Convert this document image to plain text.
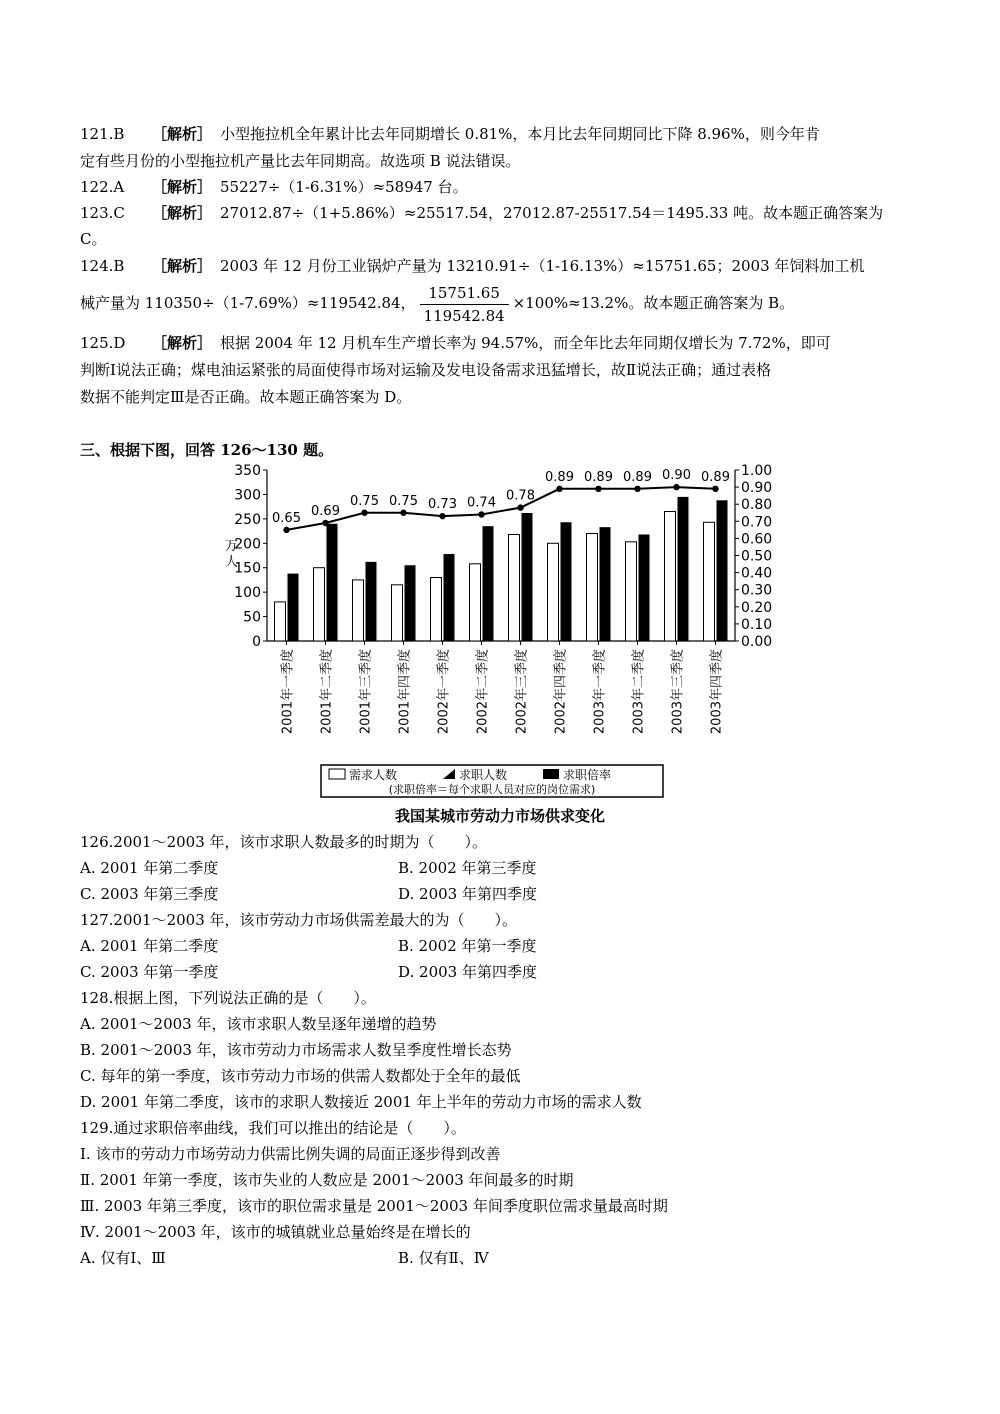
121.B ［解析］ 小型拖拉机全年累计比去年同期增长 0.81%，本月比去年同期同比下降 8.96%，则今年肯
定有些月份的小型拖拉机产量比去年同期高。故选项 B 说法错误。
122.A ［解析］ 55227÷（1-6.31%）≈58947 台。
123.C ［解析］ 27012.87÷（1+5.86%）≈25517.54，27012.87-25517.54＝1495.33 吨。故本题正确答案为
C。
124.B ［解析］ 2003 年 12 月份工业锅炉产量为 13210.91÷（1-16.13%）≈15751.65；2003 年饲料加工机
械产量为 110350÷（1-7.69%）≈119542.84， $\frac{15751.65}{119542.84} \times 100\%\approx 13.2\%$。故本题正确答案为 B。
125.D ［解析］ 根据 2004 年 12 月机车生产增长率为 94.57%，而全年比去年同期仅增长为 7.72%，即可
判断Ⅰ说法正确；煤电油运紧张的局面使得市场对运输及发电设备需求迅猛增长，故Ⅱ说法正确；通过表格
数据不能判定Ⅲ是否正确。故本题正确答案为 D。
三、根据下图，回答 126～130 题。
0
50
100
150
200
250
300
350
0.00
0.10
0.20
0.30
0.40
0.50
0.60
0.70
0.80
0.90
1.00
万
人
2001年一季度 2001年二季度 2001年三季度 2001年四季度 2002年一季度 2002年二季度 2002年三季度 2002年四季度 2003年一季度 2003年二季度 2003年三季度 2003年四季度
0.65 0.69
0.75 0.75 0.73 0.74 0.78
0.89 0.89 0.89 0.90 0.89
需求人数	求职人数	求职倍率
(求职倍率＝每个求职人员对应的岗位需求)
我国某城市劳动力市场供求变化
126.2001～2003 年，该市求职人数最多的时期为（　　）。
A. 2001 年第二季度	B. 2002 年第三季度
C. 2003 年第三季度	D. 2003 年第四季度
127.2001～2003 年，该市劳动力市场供需差最大的为（　　）。
A. 2001 年第二季度	B. 2002 年第一季度
C. 2003 年第一季度	D. 2003 年第四季度
128.根据上图，下列说法正确的是（　　）。
A. 2001～2003 年，该市求职人数呈逐年递增的趋势
B. 2001～2003 年，该市劳动力市场需求人数呈季度性增长态势
C. 每年的第一季度，该市劳动力市场的供需人数都处于全年的最低
D. 2001 年第二季度，该市的求职人数接近 2001 年上半年的劳动力市场的需求人数
129.通过求职倍率曲线，我们可以推出的结论是（　　）。
Ⅰ. 该市的劳动力市场劳动力供需比例失调的局面正逐步得到改善
Ⅱ. 2001 年第一季度，该市失业的人数应是 2001～2003 年间最多的时期
Ⅲ. 2003 年第三季度，该市的职位需求量是 2001～2003 年间季度职位需求量最高时期
Ⅳ. 2001～2003 年，该市的城镇就业总量始终是在增长的
A. 仅有Ⅰ、Ⅲ	B. 仅有Ⅱ、Ⅳ
